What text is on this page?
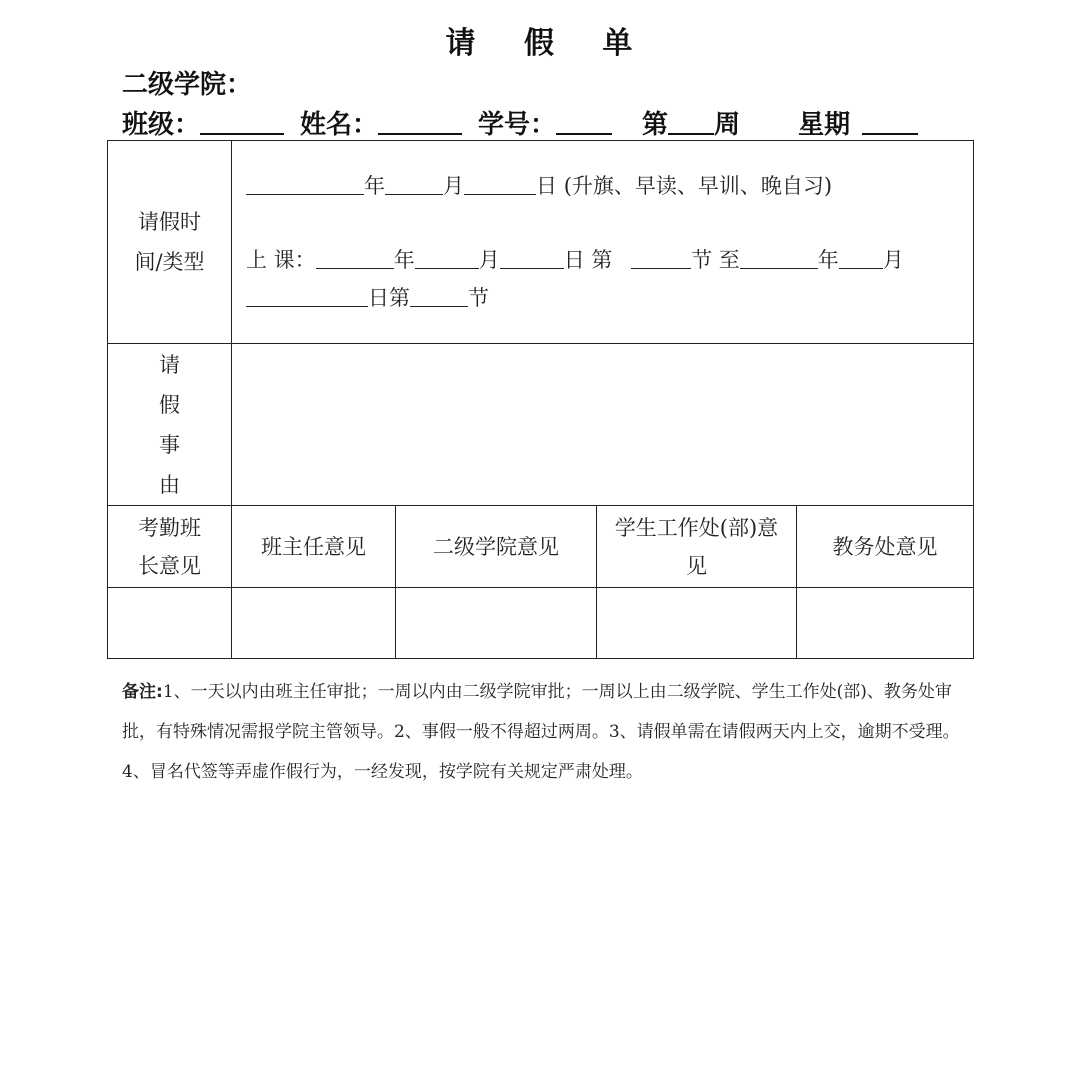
请 假 单
二级学院：
班级：	姓名：	学号：	第 周 星期
请假时间/类型	年 月 日 (升旗、早读、早训、晚自习)
上 课： 年 月 日 第 节 至 年 月
日第 节			

请
假
事
由				

考勤班长意见	班主任意见	二级学院意见	学生工作处(部)意见	教务处意见

备注:1、一天以内由班主任审批；一周以内由二级学院审批；一周以上由二级学院、学生工作处(部)、教务处审批，有特殊情况需报学院主管领导。2、事假一般不得超过两周。3、请假单需在请假两天内上交，逾期不受理。4、冒名代签等弄虚作假行为，一经发现，按学院有关规定严肃处理。
